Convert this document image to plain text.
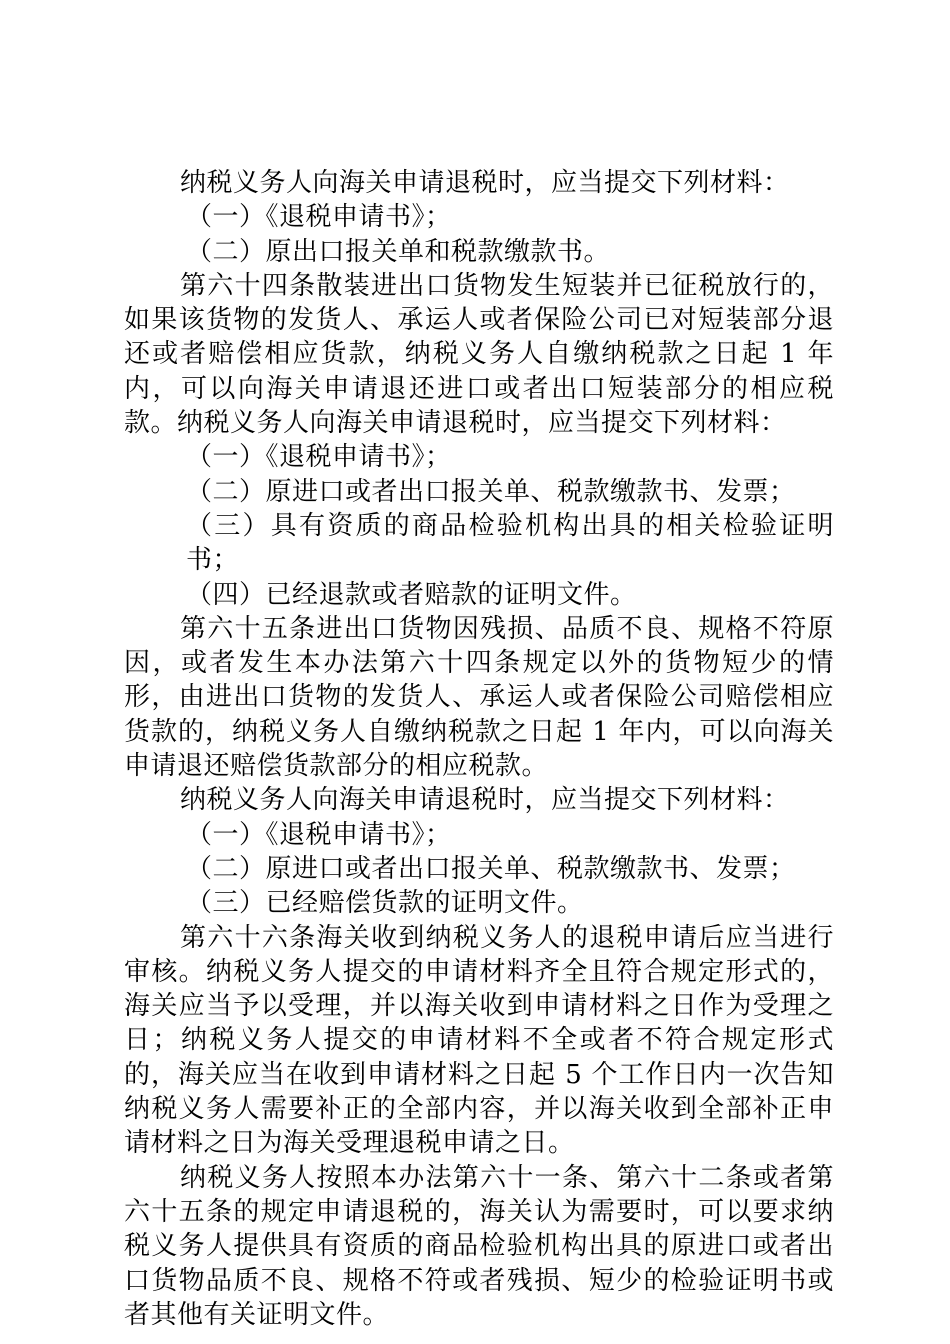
纳税义务人向海关申请退税时，应当提交下列材料：

（一）《退税申请书》；

（二）原出口报关单和税款缴款书。

第六十四条散装进出口货物发生短装并已征税放行的，如果该货物的发货人、承运人或者保险公司已对短装部分退还或者赔偿相应货款，纳税义务人自缴纳税款之日起 1 年内，可以向海关申请退还进口或者出口短装部分的相应税款。纳税义务人向海关申请退税时，应当提交下列材料：

（一）《退税申请书》；

（二）原进口或者出口报关单、税款缴款书、发票；

（三）具有资质的商品检验机构出具的相关检验证明书；

（四）已经退款或者赔款的证明文件。

第六十五条进出口货物因残损、品质不良、规格不符原因，或者发生本办法第六十四条规定以外的货物短少的情形，由进出口货物的发货人、承运人或者保险公司赔偿相应货款的，纳税义务人自缴纳税款之日起 1 年内，可以向海关申请退还赔偿货款部分的相应税款。

纳税义务人向海关申请退税时，应当提交下列材料：

（一）《退税申请书》；

（二）原进口或者出口报关单、税款缴款书、发票；

（三）已经赔偿货款的证明文件。

第六十六条海关收到纳税义务人的退税申请后应当进行审核。纳税义务人提交的申请材料齐全且符合规定形式的，海关应当予以受理，并以海关收到申请材料之日作为受理之日；纳税义务人提交的申请材料不全或者不符合规定形式的，海关应当在收到申请材料之日起 5 个工作日内一次告知纳税义务人需要补正的全部内容，并以海关收到全部补正申请材料之日为海关受理退税申请之日。

纳税义务人按照本办法第六十一条、第六十二条或者第六十五条的规定申请退税的，海关认为需要时，可以要求纳税义务人提供具有资质的商品检验机构出具的原进口或者出口货物品质不良、规格不符或者残损、短少的检验证明书或者其他有关证明文件。
